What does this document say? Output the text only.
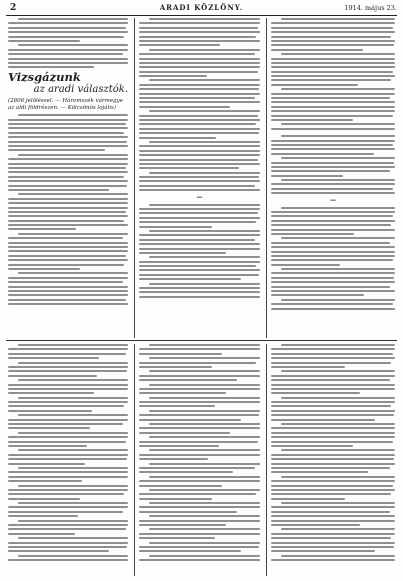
2	ARADI KÖZLÖNY.	1914. május 23.
Vizsgázunk
az aradi választók.
(2806 jelöléssel. — Háromszék vármegye az aldi földrészen. — Kölcsönös lojális)
—	—
